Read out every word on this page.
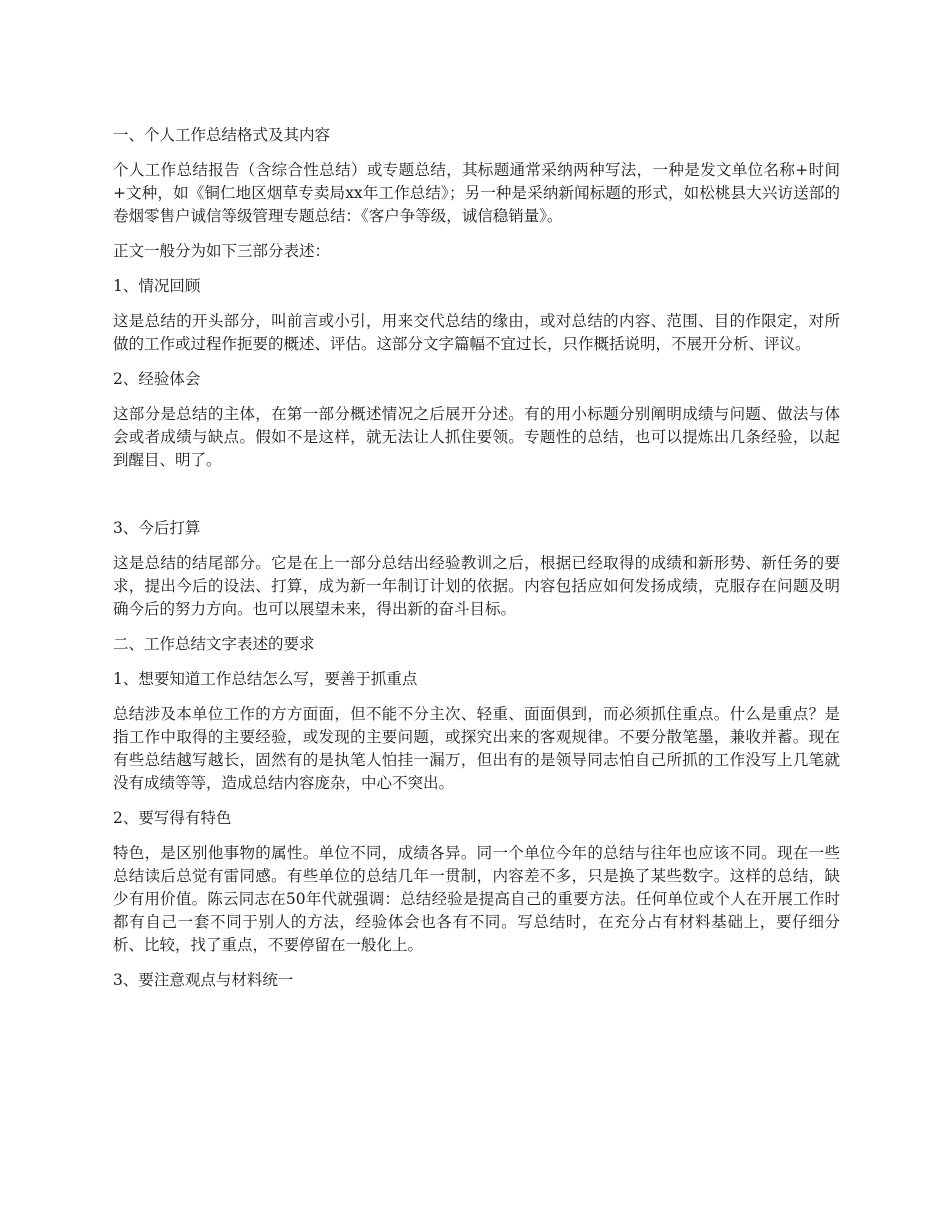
一、个人工作总结格式及其内容

个人工作总结报告（含综合性总结）或专题总结，其标题通常采纳两种写法，一种是发文单位名称+时间+文种，如《铜仁地区烟草专卖局xx年工作总结》；另一种是采纳新闻标题的形式，如松桃县大兴访送部的卷烟零售户诚信等级管理专题总结：《客户争等级，诚信稳销量》。

正文一般分为如下三部分表述：

1、情况回顾

这是总结的开头部分，叫前言或小引，用来交代总结的缘由，或对总结的内容、范围、目的作限定，对所做的工作或过程作扼要的概述、评估。这部分文字篇幅不宜过长，只作概括说明，不展开分析、评议。

2、经验体会

这部分是总结的主体，在第一部分概述情况之后展开分述。有的用小标题分别阐明成绩与问题、做法与体会或者成绩与缺点。假如不是这样，就无法让人抓住要领。专题性的总结，也可以提炼出几条经验，以起到醒目、明了。

3、今后打算

这是总结的结尾部分。它是在上一部分总结出经验教训之后，根据已经取得的成绩和新形势、新任务的要求，提出今后的设法、打算，成为新一年制订计划的依据。内容包括应如何发扬成绩，克服存在问题及明确今后的努力方向。也可以展望未来，得出新的奋斗目标。

二、工作总结文字表述的要求

1、想要知道工作总结怎么写，要善于抓重点

总结涉及本单位工作的方方面面，但不能不分主次、轻重、面面俱到，而必须抓住重点。什么是重点？是指工作中取得的主要经验，或发现的主要问题，或探究出来的客观规律。不要分散笔墨，兼收并蓄。现在有些总结越写越长，固然有的是执笔人怕挂一漏万，但出有的是领导同志怕自己所抓的工作没写上几笔就没有成绩等等，造成总结内容庞杂，中心不突出。

2、要写得有特色

特色，是区别他事物的属性。单位不同，成绩各异。同一个单位今年的总结与往年也应该不同。现在一些总结读后总觉有雷同感。有些单位的总结几年一贯制，内容差不多，只是换了某些数字。这样的总结，缺少有用价值。陈云同志在50年代就强调：总结经验是提高自己的重要方法。任何单位或个人在开展工作时都有自己一套不同于别人的方法，经验体会也各有不同。写总结时，在充分占有材料基础上，要仔细分析、比较，找了重点，不要停留在一般化上。

3、要注意观点与材料统一
